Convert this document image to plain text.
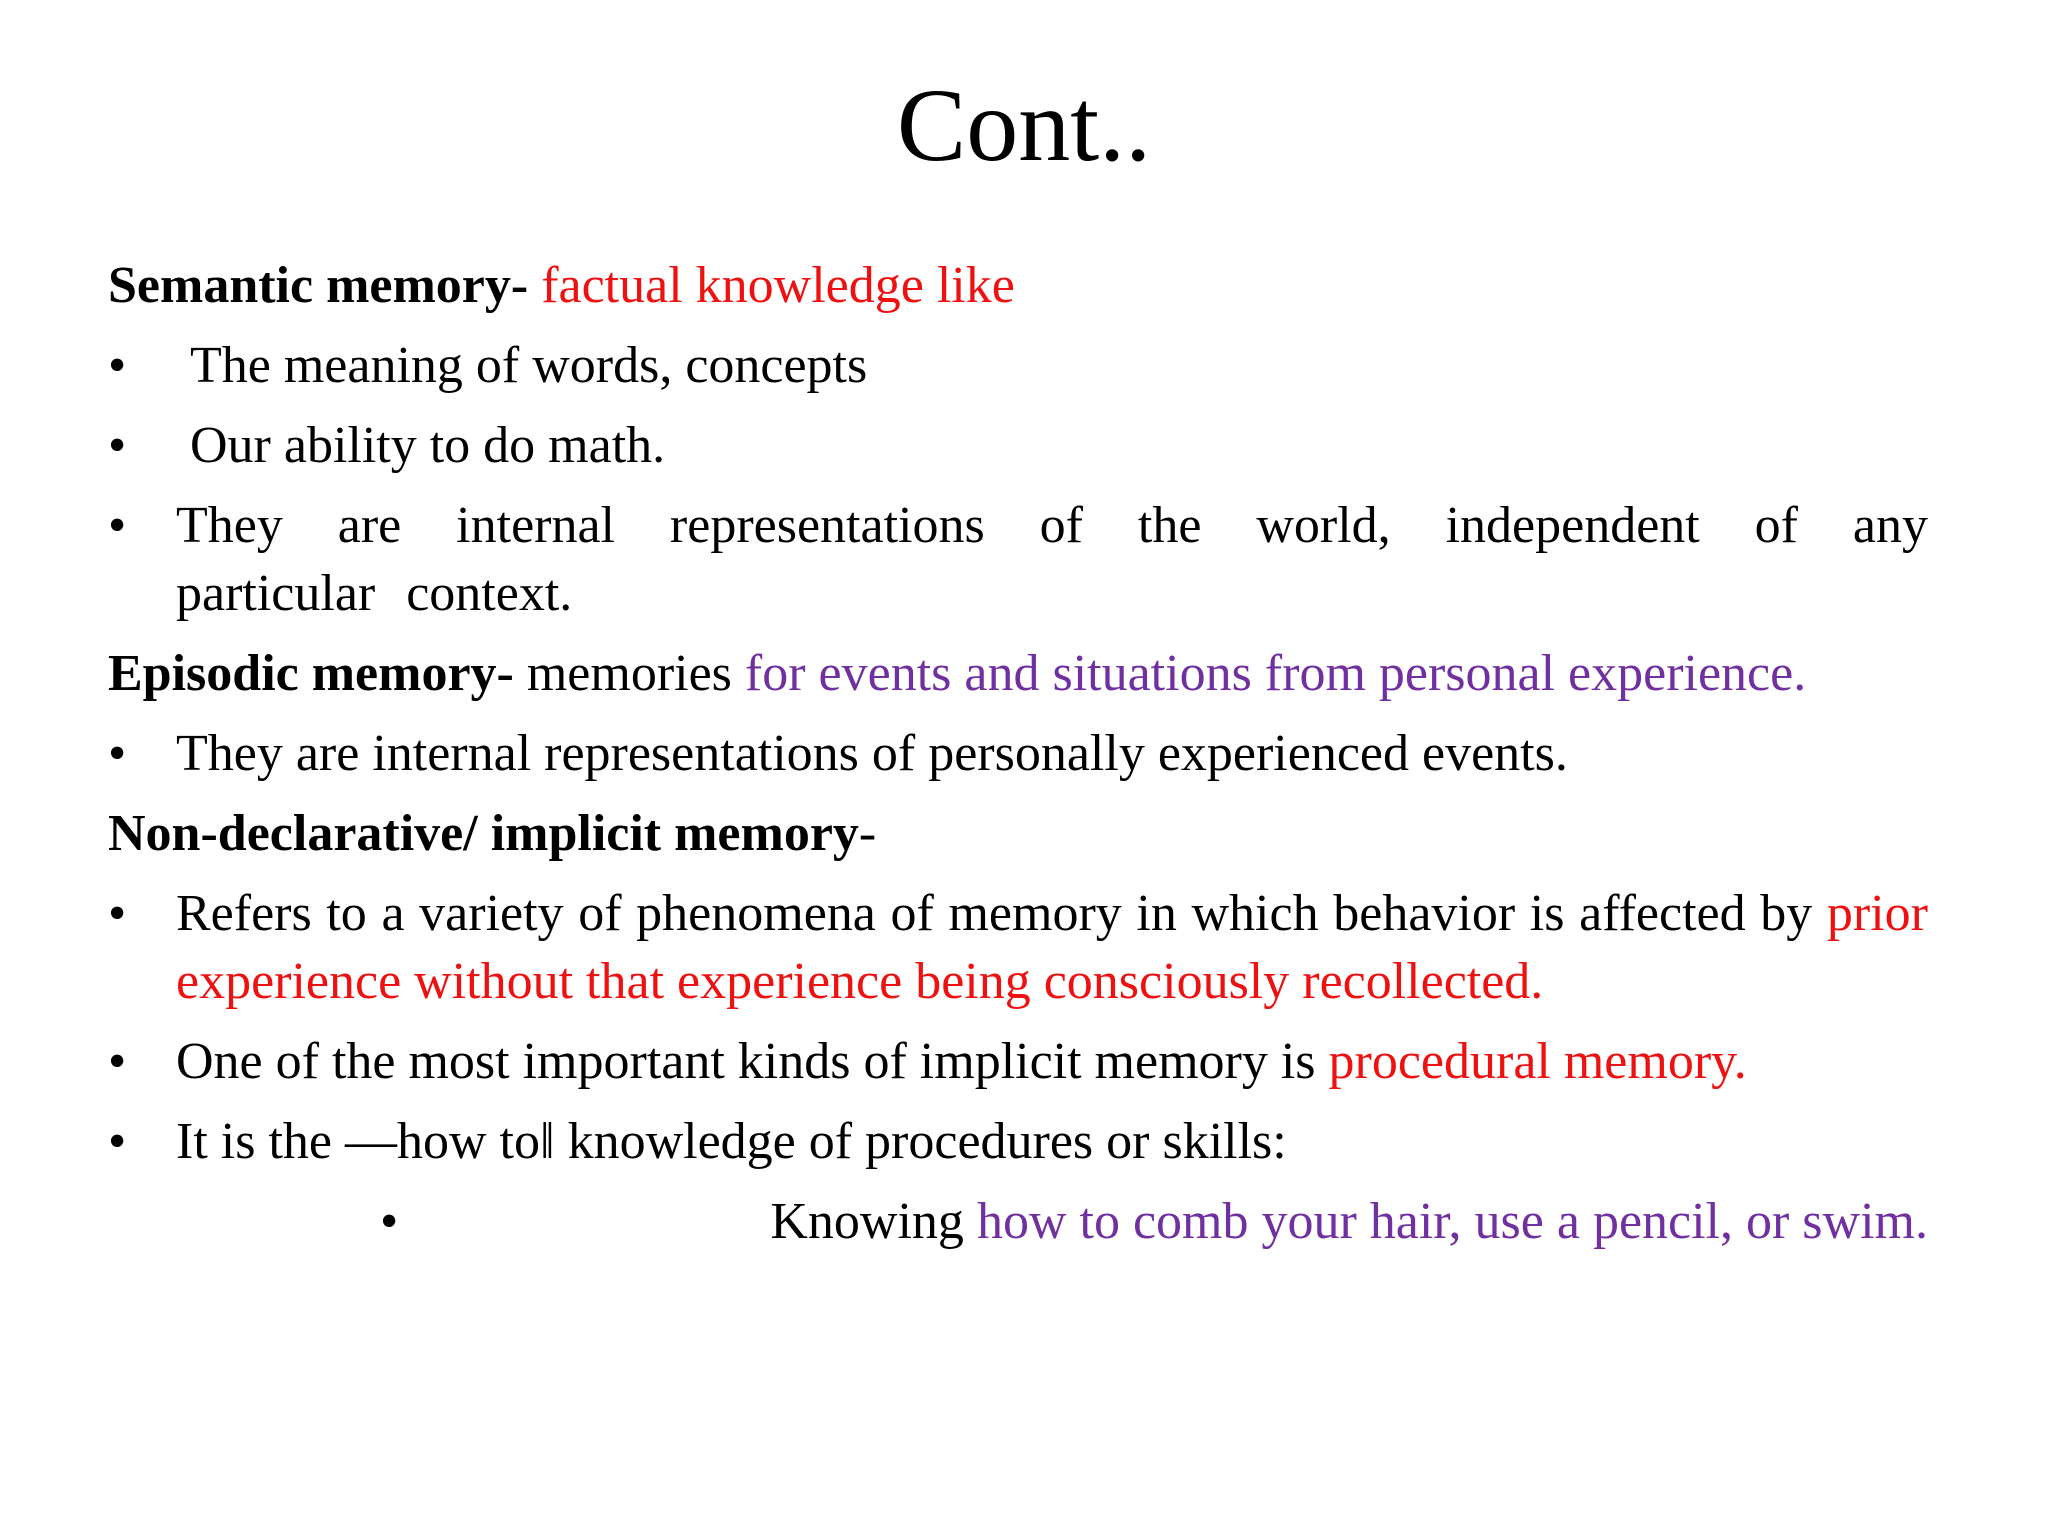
Cont..

Semantic memory- factual knowledge like

•	The meaning of words, concepts
•	Our ability to do math.
• They are internal representations of the world, independent of any particular context.

Episodic memory- memories for events and situations from personal experience.

• They are internal representations of personally experienced events.

Non-declarative/ implicit memory-

• Refers to a variety of phenomena of memory in which behavior is affected by prior experience without that experience being consciously recollected.
• One of the most important kinds of implicit memory is procedural memory.
• It is the ―how to‖ knowledge of procedures or skills:
•	Knowing how to comb your hair, use a pencil, or swim.
